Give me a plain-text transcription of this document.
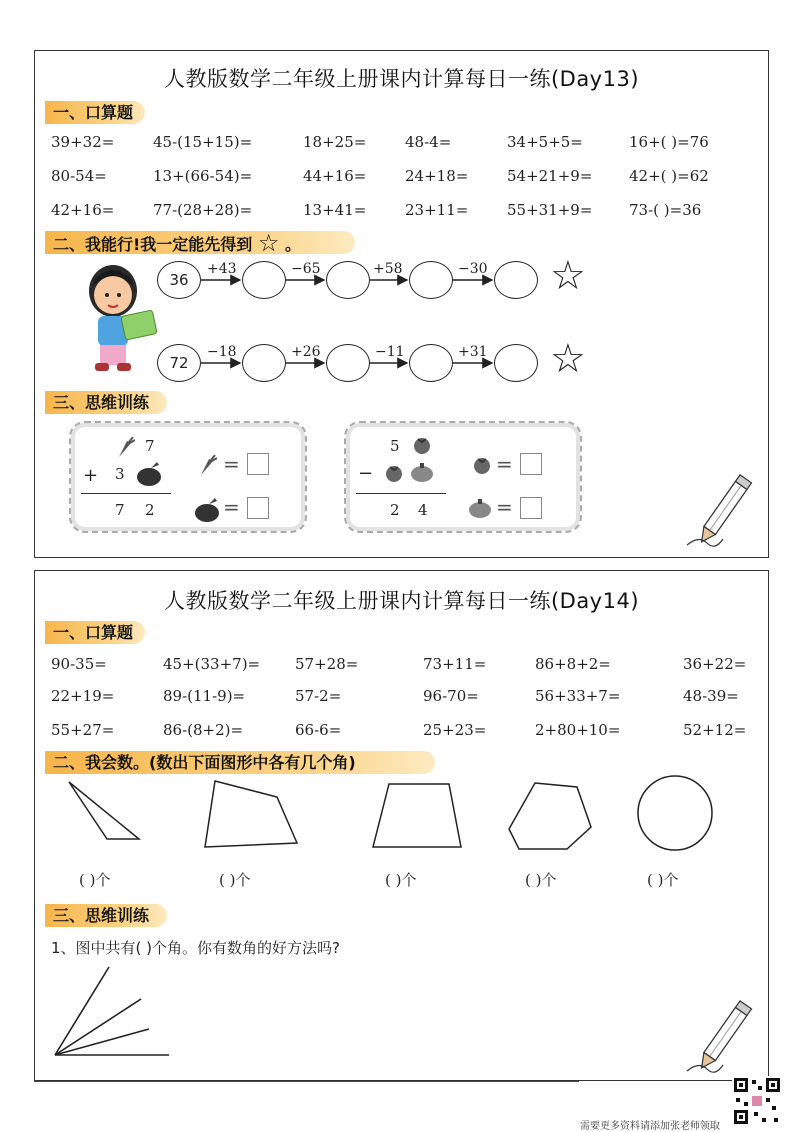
人教版数学二年级上册课内计算每日一练(Day13)
一、口算题
39+32=	45-(15+15)=	18+25=	48-4=	34+5+5=	16+( )=76
80-54=	13+(66-54)=	44+16=	24+18=	54+21+9= 42+( )=62
42+16=	77-(28+28)=	13+41=	23+11=	55+31+9= 73-( )=36
二、我能行!我一定能先得到 ☆ 。
36
+43	−65	+58	−30 ☆
72
−18	+26	−11	+31 ☆
三、思维训练
7
+ 3
7 2
=
=
5
−
2 4
=
=
人教版数学二年级上册课内计算每日一练(Day14)
一、口算题
90-35=	45+(33+7)= 57+28=	73+11=	86+8+2=	36+22=
22+19=	89-(11-9)=	57-2=	96-70=	56+33+7=	48-39=
55+27=	86-(8+2)=	66-6=	25+23=	2+80+10=	52+12=
二、我会数。(数出下面图形中各有几个角)
( )个	( )个	( )个	( )个	( )个
三、思维训练
1、图中共有( )个角。你有数角的好方法吗?
需要更多资料请添加张老师领取
